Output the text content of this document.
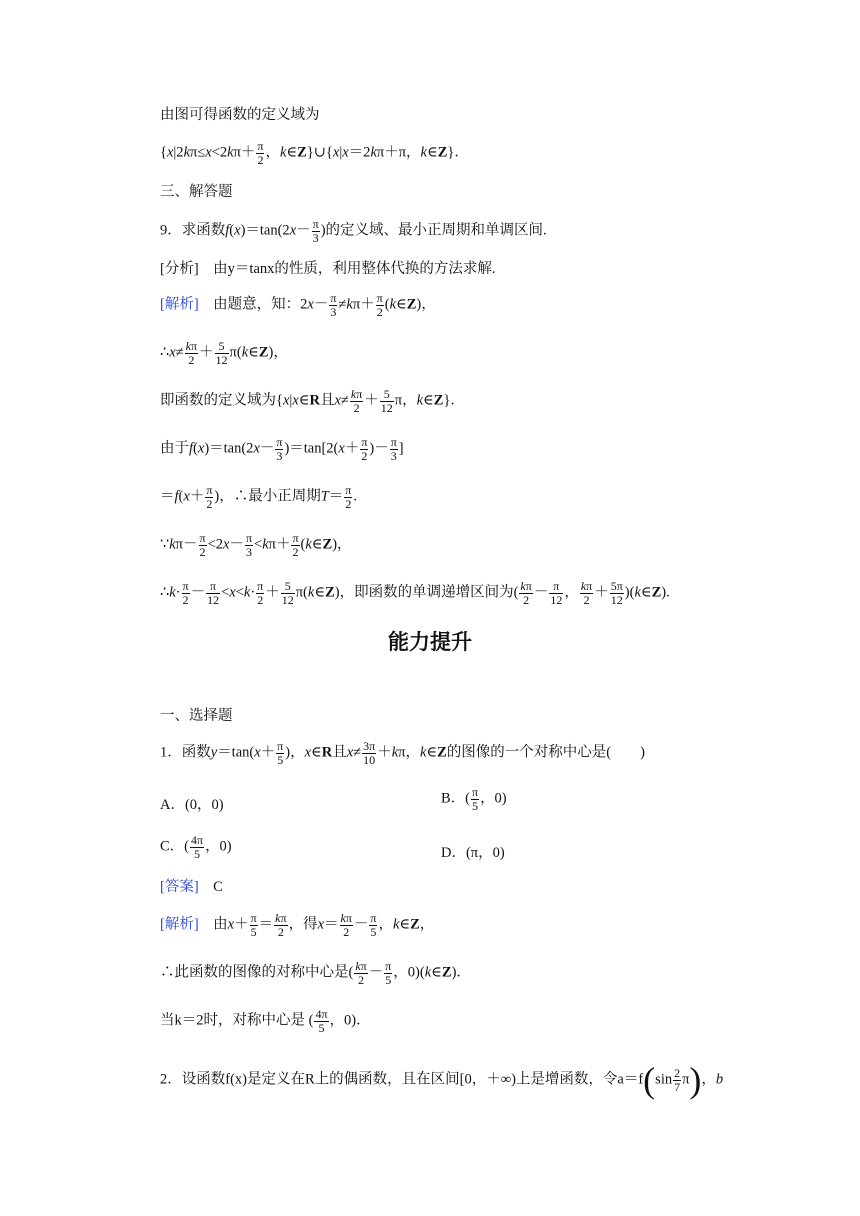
由图可得函数的定义域为
{$x|2k\pi\le x<2k\pi+ \frac{\pi}{2}$ ，k∈Z}∪{x|x＝2kπ＋π，k∈Z}．
三、解答题
9．求函数$f(x)=\tan(2x- \frac{\pi}{3}$ )的定义域、最小正周期和单调区间.
[分析]　 由y＝tanx的性质，利用整体代换的方法求解.
[解析]　 由题意，知：$2x- \frac{\pi}{3} \ne k\pi+ \frac{\pi}{2}$ (k∈Z)，
∴x≠ $\frac{k\pi}{2} + \frac{5}{12}$ π(k∈Z)，
即函数的定义域为{x|x∈R且$x\ne \frac{k\pi}{2} + \frac{5}{12}$ π，k∈Z}．
由于$f(x)=\tan(2x- \frac{\pi}{3} )=\tan[2(x+ \frac{\pi}{2}$ )－ $\frac{\pi}{3}$ ]
$=f(x+ \frac{\pi}{2}$ )，∴最小正周期$T= \frac{\pi}{2}$ .
∵kπ－ $\frac{\pi}{2} <2x- \frac{\pi}{3} <k\pi+ \frac{\pi}{2}$ (k∈Z)，
∴k· $\frac{\pi}{2} - \frac{\pi}{12} <x<k\cdot \frac{\pi}{2} + \frac{5}{12}$ π(k∈Z)，即函数的单调递增区间为( $\frac{k\pi}{2} - \frac{\pi}{12}$ ， $\frac{k\pi}{2} + \frac{5\pi}{12}$ )(k∈Z).
能力提升
一、选择题
1．函数$y=\tan(x+ \frac{\pi}{5}$ )，x∈R且$x\ne \frac{3\pi}{10} +k\pi$，k∈Z的图像的一个对称中心是(　　)
A．(0，0)	B．( $\frac{\pi}{5}$ ，0)
C．( $\frac{4\pi}{5}$ ，0)	D．(π，0)
[答案]　 C
[解析]　由$x+ \frac{\pi}{5} = \frac{k\pi}{2}$ ，得$x= \frac{k\pi}{2} - \frac{\pi}{5}$ ，k∈Z，
∴此函数的图像的对称中心是( $\frac{k\pi}{2} - \frac{\pi}{5}$ ，0)(k∈Z)．
当k＝2时，对称中心是 ( $\frac{4\pi}{5}$ ，0)．
2．设函数f(x)是定义在R上的偶函数，且在区间[0，＋∞)上是增函数，令$a=f(\sin \frac{2}{7} \pi)$，b
